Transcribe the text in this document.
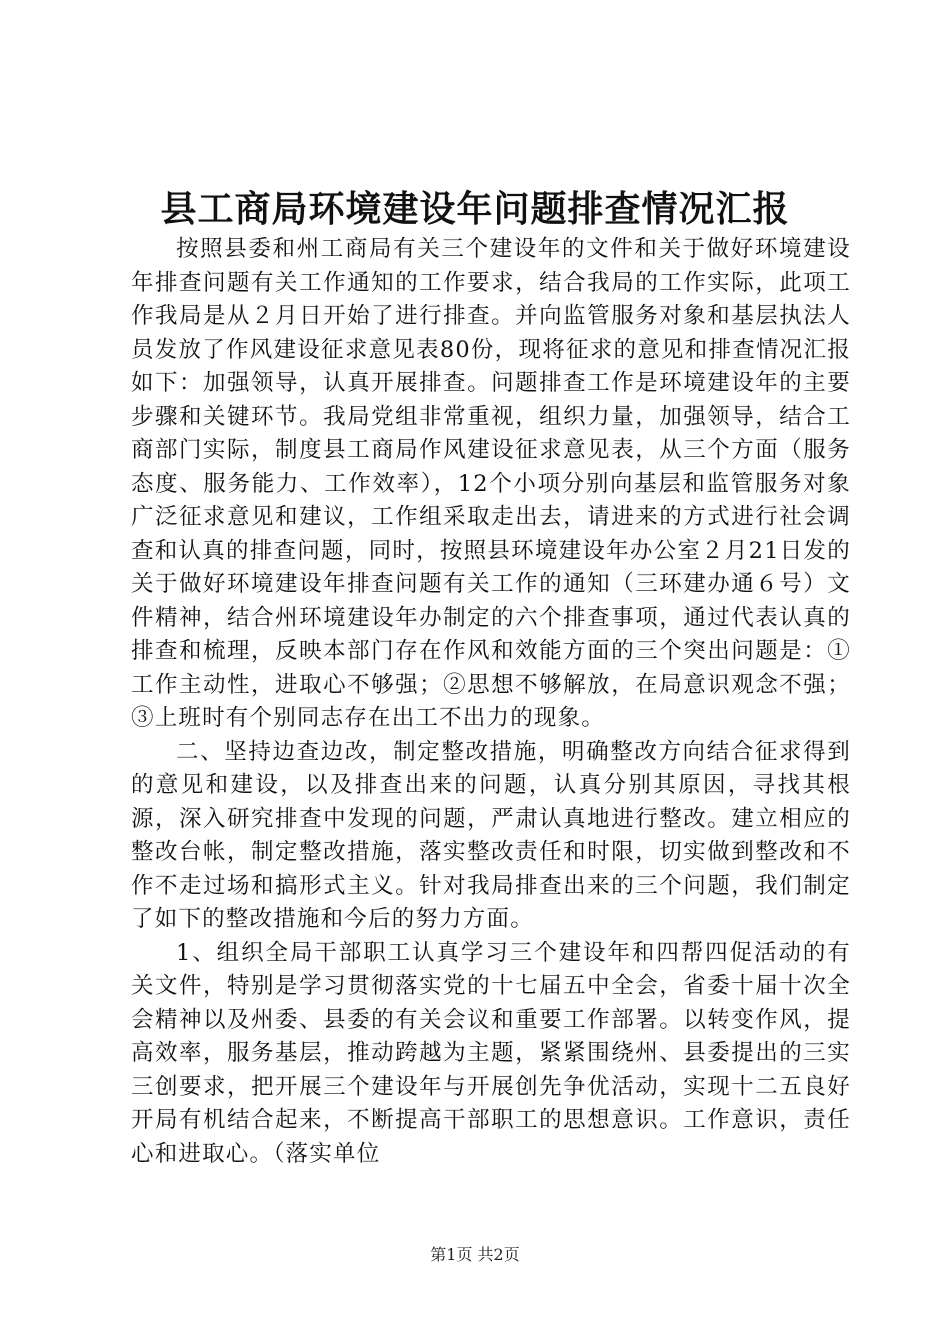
县工商局环境建设年问题排查情况汇报

按照县委和州工商局有关三个建设年的文件和关于做好环境建设年排查问题有关工作通知的工作要求，结合我局的工作实际，此项工作我局是从２月日开始了进行排查。并向监管服务对象和基层执法人员发放了作风建设征求意见表80份，现将征求的意见和排查情况汇报如下：加强领导，认真开展排查。问题排查工作是环境建设年的主要步骤和关键环节。我局党组非常重视，组织力量，加强领导，结合工商部门实际，制度县工商局作风建设征求意见表，从三个方面（服务态度、服务能力、工作效率），12个小项分别向基层和监管服务对象广泛征求意见和建议，工作组采取走出去，请进来的方式进行社会调查和认真的排查问题，同时，按照县环境建设年办公室２月21日发的关于做好环境建设年排查问题有关工作的通知（三环建办通６号）文件精神，结合州环境建设年办制定的六个排查事项，通过代表认真的排查和梳理，反映本部门存在作风和效能方面的三个突出问题是：①工作主动性，进取心不够强；②思想不够解放，在局意识观念不强；③上班时有个别同志存在出工不出力的现象。

二、坚持边查边改，制定整改措施，明确整改方向结合征求得到的意见和建设，以及排查出来的问题，认真分别其原因，寻找其根源，深入研究排查中发现的问题，严肃认真地进行整改。建立相应的整改台帐，制定整改措施，落实整改责任和时限，切实做到整改和不作不走过场和搞形式主义。针对我局排查出来的三个问题，我们制定了如下的整改措施和今后的努力方面。

1、组织全局干部职工认真学习三个建设年和四帮四促活动的有关文件，特别是学习贯彻落实党的十七届五中全会，省委十届十次全会精神以及州委、县委的有关会议和重要工作部署。以转变作风，提高效率，服务基层，推动跨越为主题，紧紧围绕州、县委提出的三实三创要求，把开展三个建设年与开展创先争优活动，实现十二五良好开局有机结合起来，不断提高干部职工的思想意识。工作意识，责任心和进取心。（落实单位

第1页 共2页
